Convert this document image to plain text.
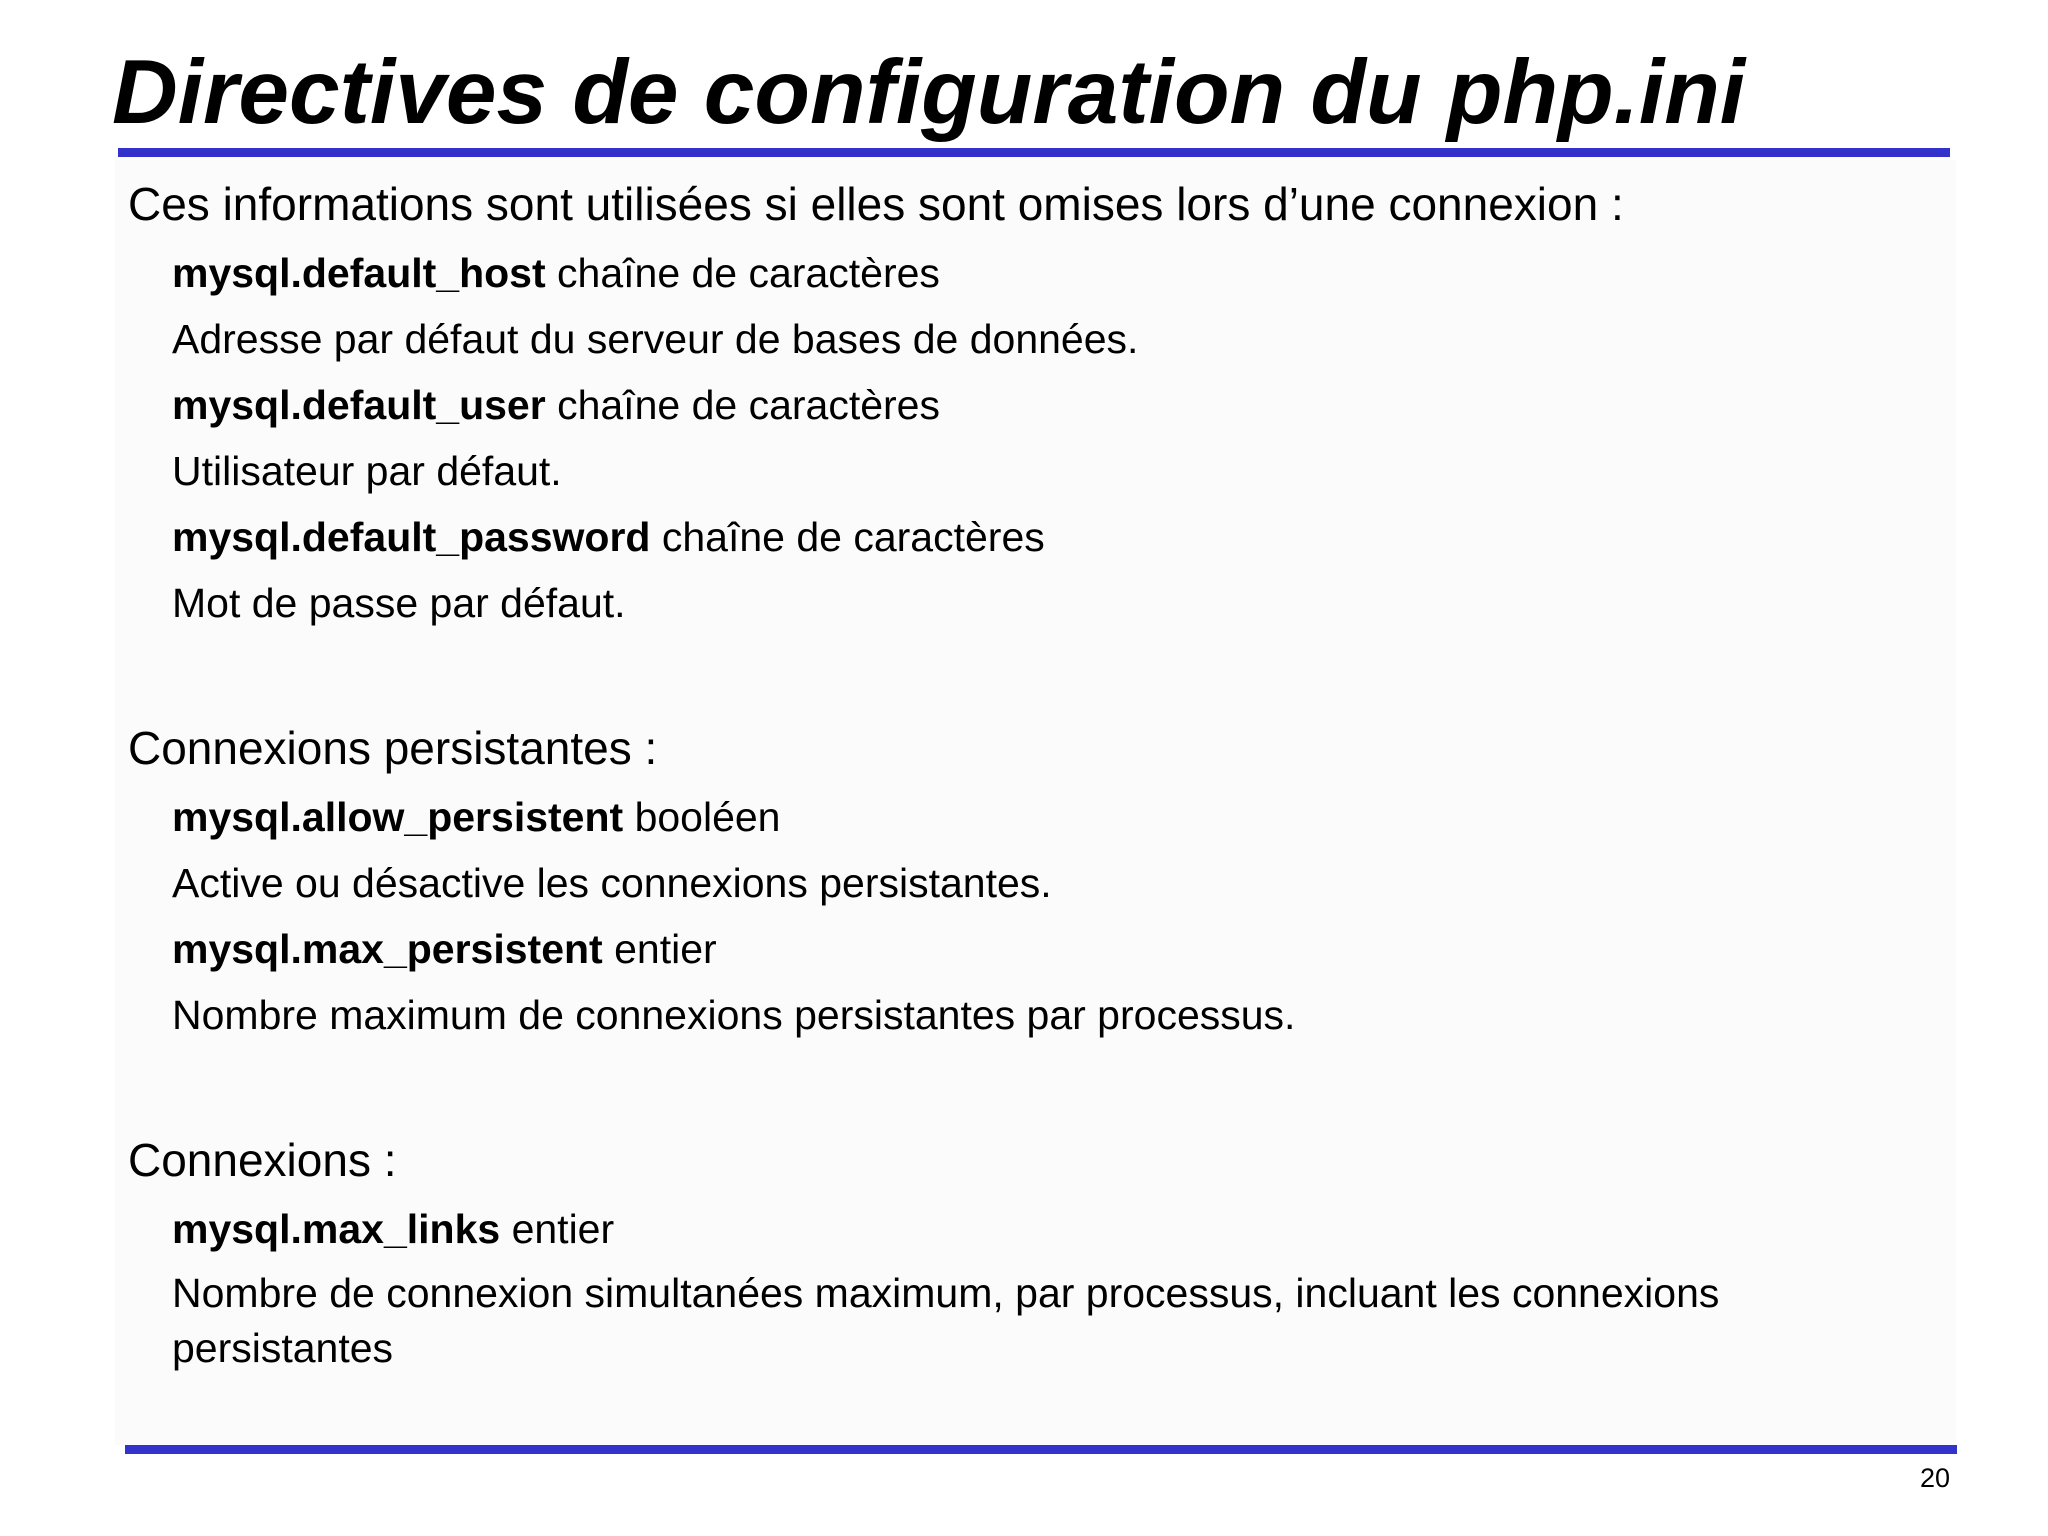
Directives de configuration du php.ini

Ces informations sont utilisées si elles sont omises lors d’une connexion :

mysql.default_host chaîne de caractères

Adresse par défaut du serveur de bases de données.

mysql.default_user chaîne de caractères

Utilisateur par défaut.

mysql.default_password chaîne de caractères

Mot de passe par défaut.

Connexions persistantes :

mysql.allow_persistent booléen

Active ou désactive les connexions persistantes.

mysql.max_persistent entier

Nombre maximum de connexions persistantes par processus.

Connexions :

mysql.max_links entier

Nombre de connexion simultanées maximum, par processus, incluant les connexions persistantes

20
